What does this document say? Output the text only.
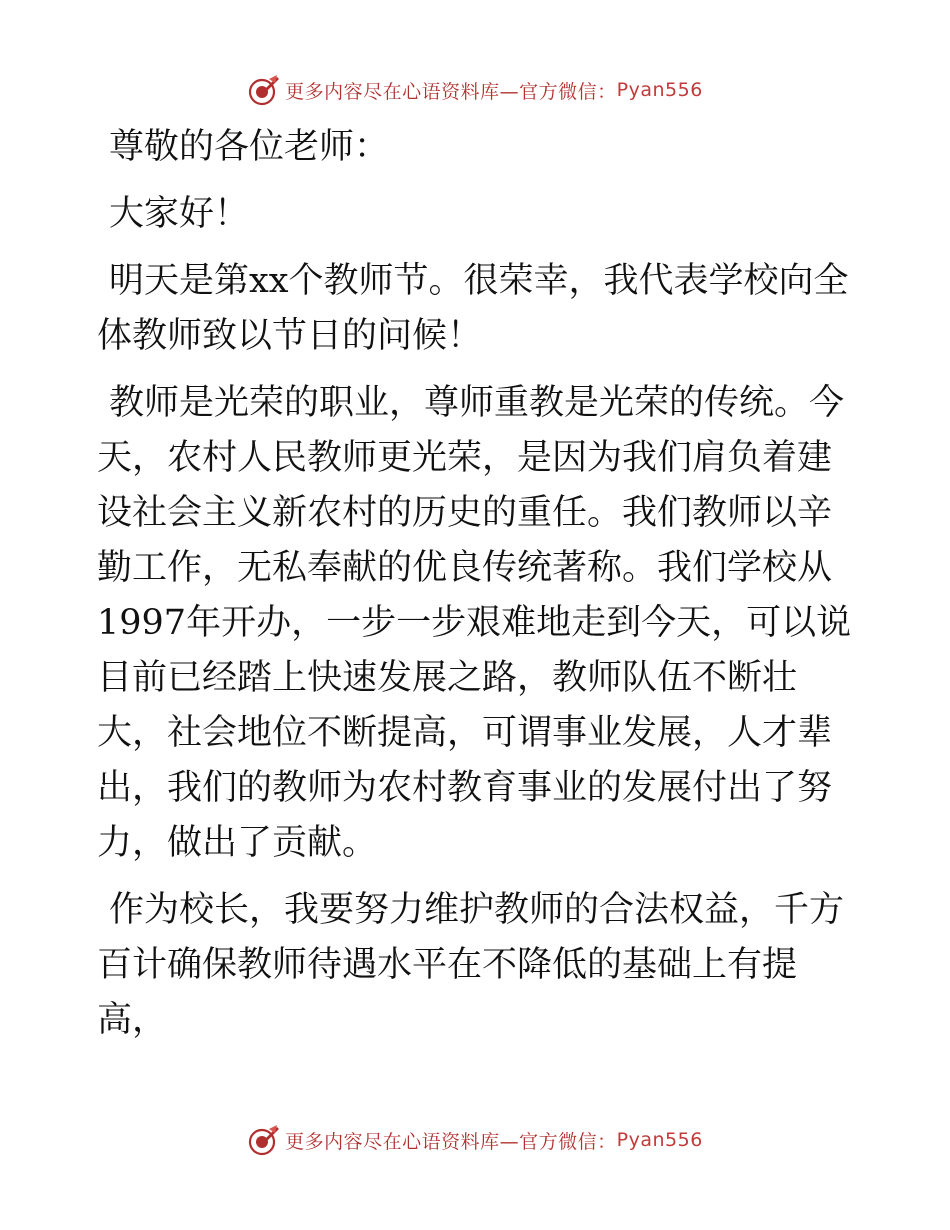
更多内容尽在心语资料库—官方微信： Pyan556

尊敬的各位老师：

大家好！

明天是第xx个教师节。很荣幸，我代表学校向全体教师致以节日的问候！

教师是光荣的职业，尊师重教是光荣的传统。今天，农村人民教师更光荣，是因为我们肩负着建设社会主义新农村的历史的重任。我们教师以辛勤工作，无私奉献的优良传统著称。我们学校从1997年开办，一步一步艰难地走到今天，可以说目前已经踏上快速发展之路，教师队伍不断壮大，社会地位不断提高，可谓事业发展，人才辈出，我们的教师为农村教育事业的发展付出了努力，做出了贡献。

作为校长，我要努力维护教师的合法权益，千方百计确保教师待遇水平在不降低的基础上有提高，

更多内容尽在心语资料库—官方微信： Pyan556
